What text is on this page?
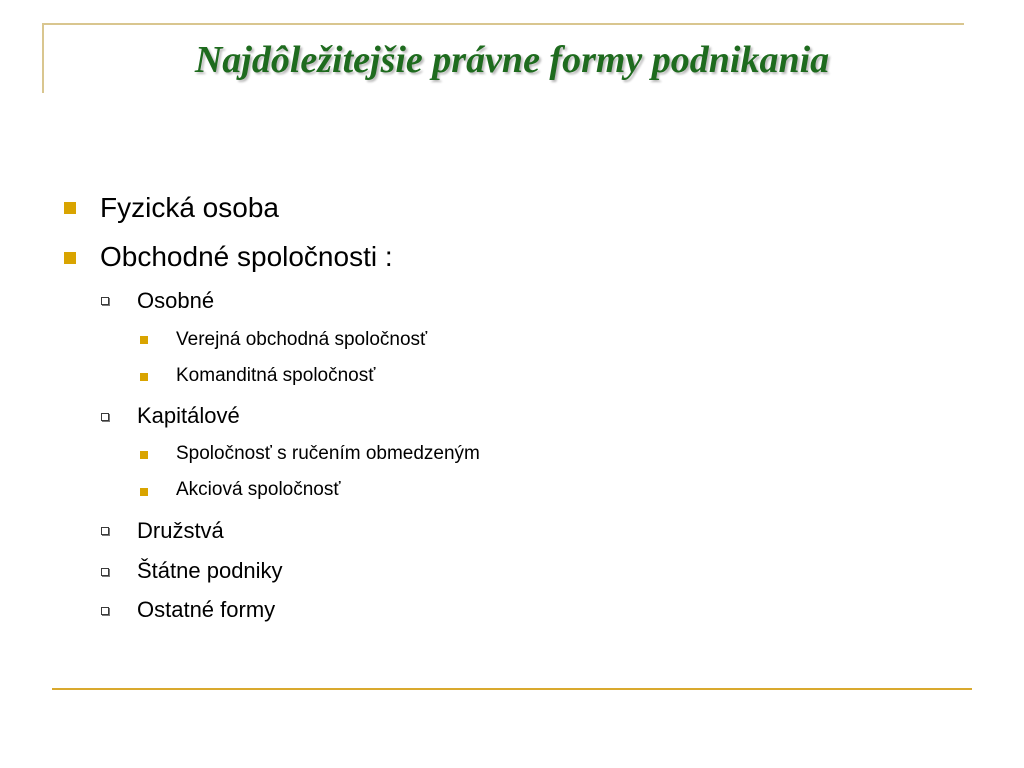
Najdôležitejšie právne formy podnikania
Fyzická osoba
Obchodné spoločnosti :
Osobné
Verejná obchodná spoločnosť
Komanditná spoločnosť
Kapitálové
Spoločnosť s ručením obmedzeným
Akciová spoločnosť
Družstvá
Štátne podniky
Ostatné formy
